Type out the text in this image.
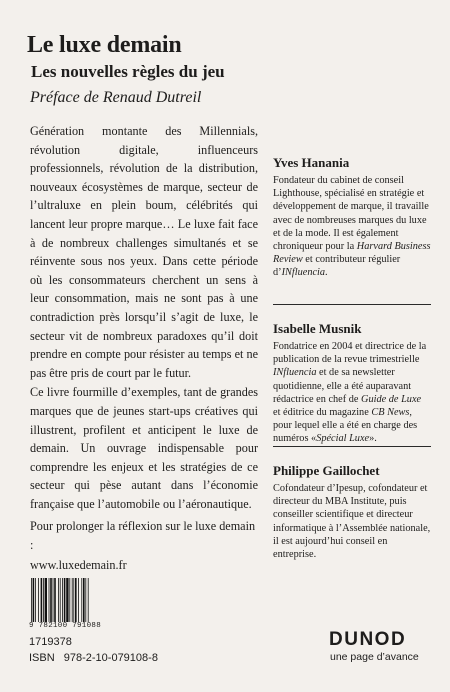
Le luxe demain
Les nouvelles règles du jeu
Préface de Renaud Dutreil

Génération montante des Millennials, révolution digitale, influenceurs professionnels, révolution de la distribution, nouveaux écosystèmes de marque, secteur de l’ultraluxe en plein boum, célébrités qui lancent leur propre marque… Le luxe fait face à de nombreux challenges simultanés et se réinvente sous nos yeux. Dans cette période où les consommateurs cherchent un sens à leur consommation, mais ne sont pas à une contradiction près lorsqu’il s’agit de luxe, le secteur vit de nombreux paradoxes qu’il doit prendre en compte pour résister au temps et ne pas être pris de court par le futur.

Ce livre fourmille d’exemples, tant de grandes marques que de jeunes start-ups créatives qui illustrent, profilent et anticipent le luxe de demain. Un ouvrage indispensable pour comprendre les enjeux et les stratégies de ce secteur qui pèse autant dans l’économie française que l’automobile ou l’aéronautique.

Pour prolonger la réflexion sur le luxe demain :

www.luxedemain.fr

Yves Hanania
Fondateur du cabinet de conseil Lighthouse, spécialisé en stratégie et développement de marque, il travaille avec de nombreuses marques du luxe et de la mode. Il est également chroniqueur pour la Harvard Business Review et contributeur régulier d’INfluencia.
Isabelle Musnik
Fondatrice en 2004 et directrice de la publication de la revue trimestrielle INfluencia et de sa newsletter quotidienne, elle a été auparavant rédactrice en chef de Guide de Luxe et éditrice du magazine CB News, pour lequel elle a été en charge des numéros «Spécial Luxe».
Philippe Gaillochet
Cofondateur d’Ipesup, cofondateur et directeur du MBA Institute, puis conseiller scientifique et directeur informatique à l’Assemblée nationale, il est aujourd’hui conseil en entreprise.
9 782100 791088
1719378
ISBN 978-2-10-079108-8
DUNOD
une page d’avance
